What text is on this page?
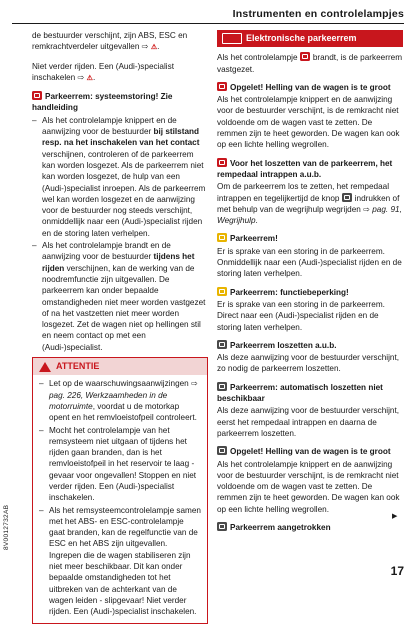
Instrumenten en controlelampjes

de bestuurder verschijnt, zijn ABS, ESC en remkrachtverdeler uitgevallen ⇨ ⚠.

Niet verder rijden. Een (Audi-)specialist inschakelen ⇨ ⚠.

Parkeerrem: systeemstoring! Zie handleiding
– Als het controlelampje knippert en de aanwijzing voor de bestuurder bij stilstand resp. na het inschakelen van het contact verschijnen, controleren of de parkeerrem kan worden losgezet. Als de parkeerrem niet kan worden losgezet, de hulp van een (Audi-)specialist inroepen. Als de parkeerrem wel kan worden losgezet en de aanwijzing voor de bestuurder nog steeds verschijnt, onmiddellijk naar een (Audi-)specialist rijden en de storing laten verhelpen.
– Als het controlelampje brandt en de aanwijzing voor de bestuurder tijdens het rijden verschijnen, kan de werking van de noodremfunctie zijn uitgevallen. De parkeerrem kan onder bepaalde omstandigheden niet meer worden vastgezet of na het vastzetten niet meer worden losgezet. Zet de wagen niet op hellingen stil en neem contact op met een (Audi-)specialist.
ATTENTIE
– Let op de waarschuwingsaanwijzingen ⇨ pag. 226, Werkzaamheden in de motorruimte, voordat u de motorkap opent en het remvloeistofpeil controleert.
– Mocht het controlelampje van het remsysteem niet uitgaan of tijdens het rijden gaan branden, dan is het remvloeistofpeil in het reservoir te laag - gevaar voor ongevallen! Stoppen en niet verder rijden. Een (Audi-)specialist inschakelen.
– Als het remsysteemcontrolelampje samen met het ABS- en ESC-controlelampje gaat branden, kan de regelfunctie van de ESC en het ABS zijn uitgevallen. Ingrepen die de wagen stabiliseren zijn niet meer beschikbaar. Dit kan onder bepaalde omstandigheden tot het uitbreken van de achterkant van de wagen leiden - slipgevaar! Niet verder rijden. Een (Audi-)specialist inschakelen.
Elektronische parkeerrem

Als het controlelampje brandt, is de parkeerrem vastgezet.

Opgelet! Helling van de wagen is te groot

Als het controlelampje knippert en de aanwijzing voor de bestuurder verschijnt, is de remkracht niet voldoende om de wagen vast te zetten. De remmen zijn te heet geworden. De wagen kan ook op een lichte helling wegrollen.

Voor het loszetten van de parkeerrem, het rempedaal intrappen a.u.b.

Om de parkeerrem los te zetten, het rempedaal intrappen en tegelijkertijd de knop indrukken of met behulp van de wegrijhulp wegrijden ⇨ pag. 91, Wegrijhulp.

Parkeerrem!

Er is sprake van een storing in de parkeerrem. Onmiddellijk naar een (Audi-)specialist rijden en de storing laten verhelpen.

Parkeerrem: functiebeperking!

Er is sprake van een storing in de parkeerrem. Direct naar een (Audi-)specialist rijden en de storing laten verhelpen.

Parkeerrem loszetten a.u.b.

Als deze aanwijzing voor de bestuurder verschijnt, zo nodig de parkeerrem loszetten.

Parkeerrem: automatisch loszetten niet beschikbaar

Als deze aanwijzing voor de bestuurder verschijnt, eerst het rempedaal intrappen en daarna de parkeerrem loszetten.

Opgelet! Helling van de wagen is te groot

Als het controlelampje knippert en de aanwijzing voor de bestuurder verschijnt, is de remkracht niet voldoende om de wagen vast te zetten. De remmen zijn te heet geworden. De wagen kan ook op een lichte helling wegrollen.

Parkeerrem aangetrokken
▶
8V0012732AB
17
